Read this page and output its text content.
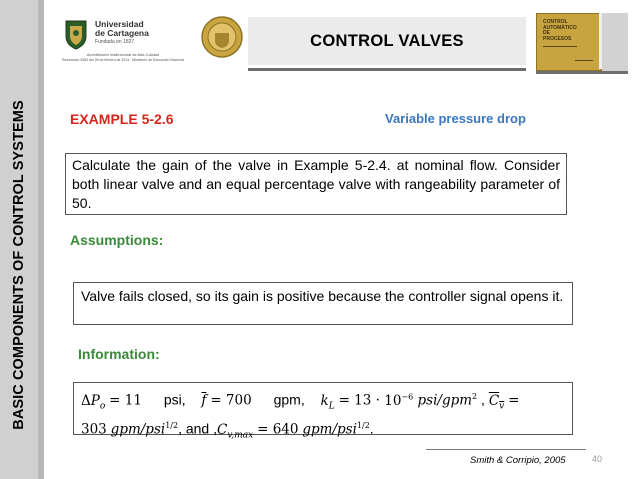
BASIC COMPONENTS OF CONTROL SYSTEMS
Universidad
de Cartagena
Fundada en 1827
Acreditación Institucional de Alta Calidad
Resolución 2583 del 26 de febrero de 2014 · Ministerio de Educación Nacional
CONTROL VALVES
CONTROL
AUTOMÁTICO
DE
PROCESOS
EXAMPLE 5-2.6	Variable pressure drop
Calculate the gain of the valve in Example 5-2.4. at nominal flow. Consider both linear valve and an equal percentage valve with rangeability parameter of 50.
Assumptions:
Valve fails closed, so its gain is positive because the controller signal opens it.
Information:
$\Delta P_o = 11$ psi, $\overline{f} = 700$ gpm, $k_L = 13 \cdot 10^{-6}$ psi/gpm$^2$ , $C_v$ =
303 gpm/psi$^{1/2}$, and $,C_{v,max} = 640$ gpm/psi$^{1/2}$.
Smith & Corripio, 2005	40
